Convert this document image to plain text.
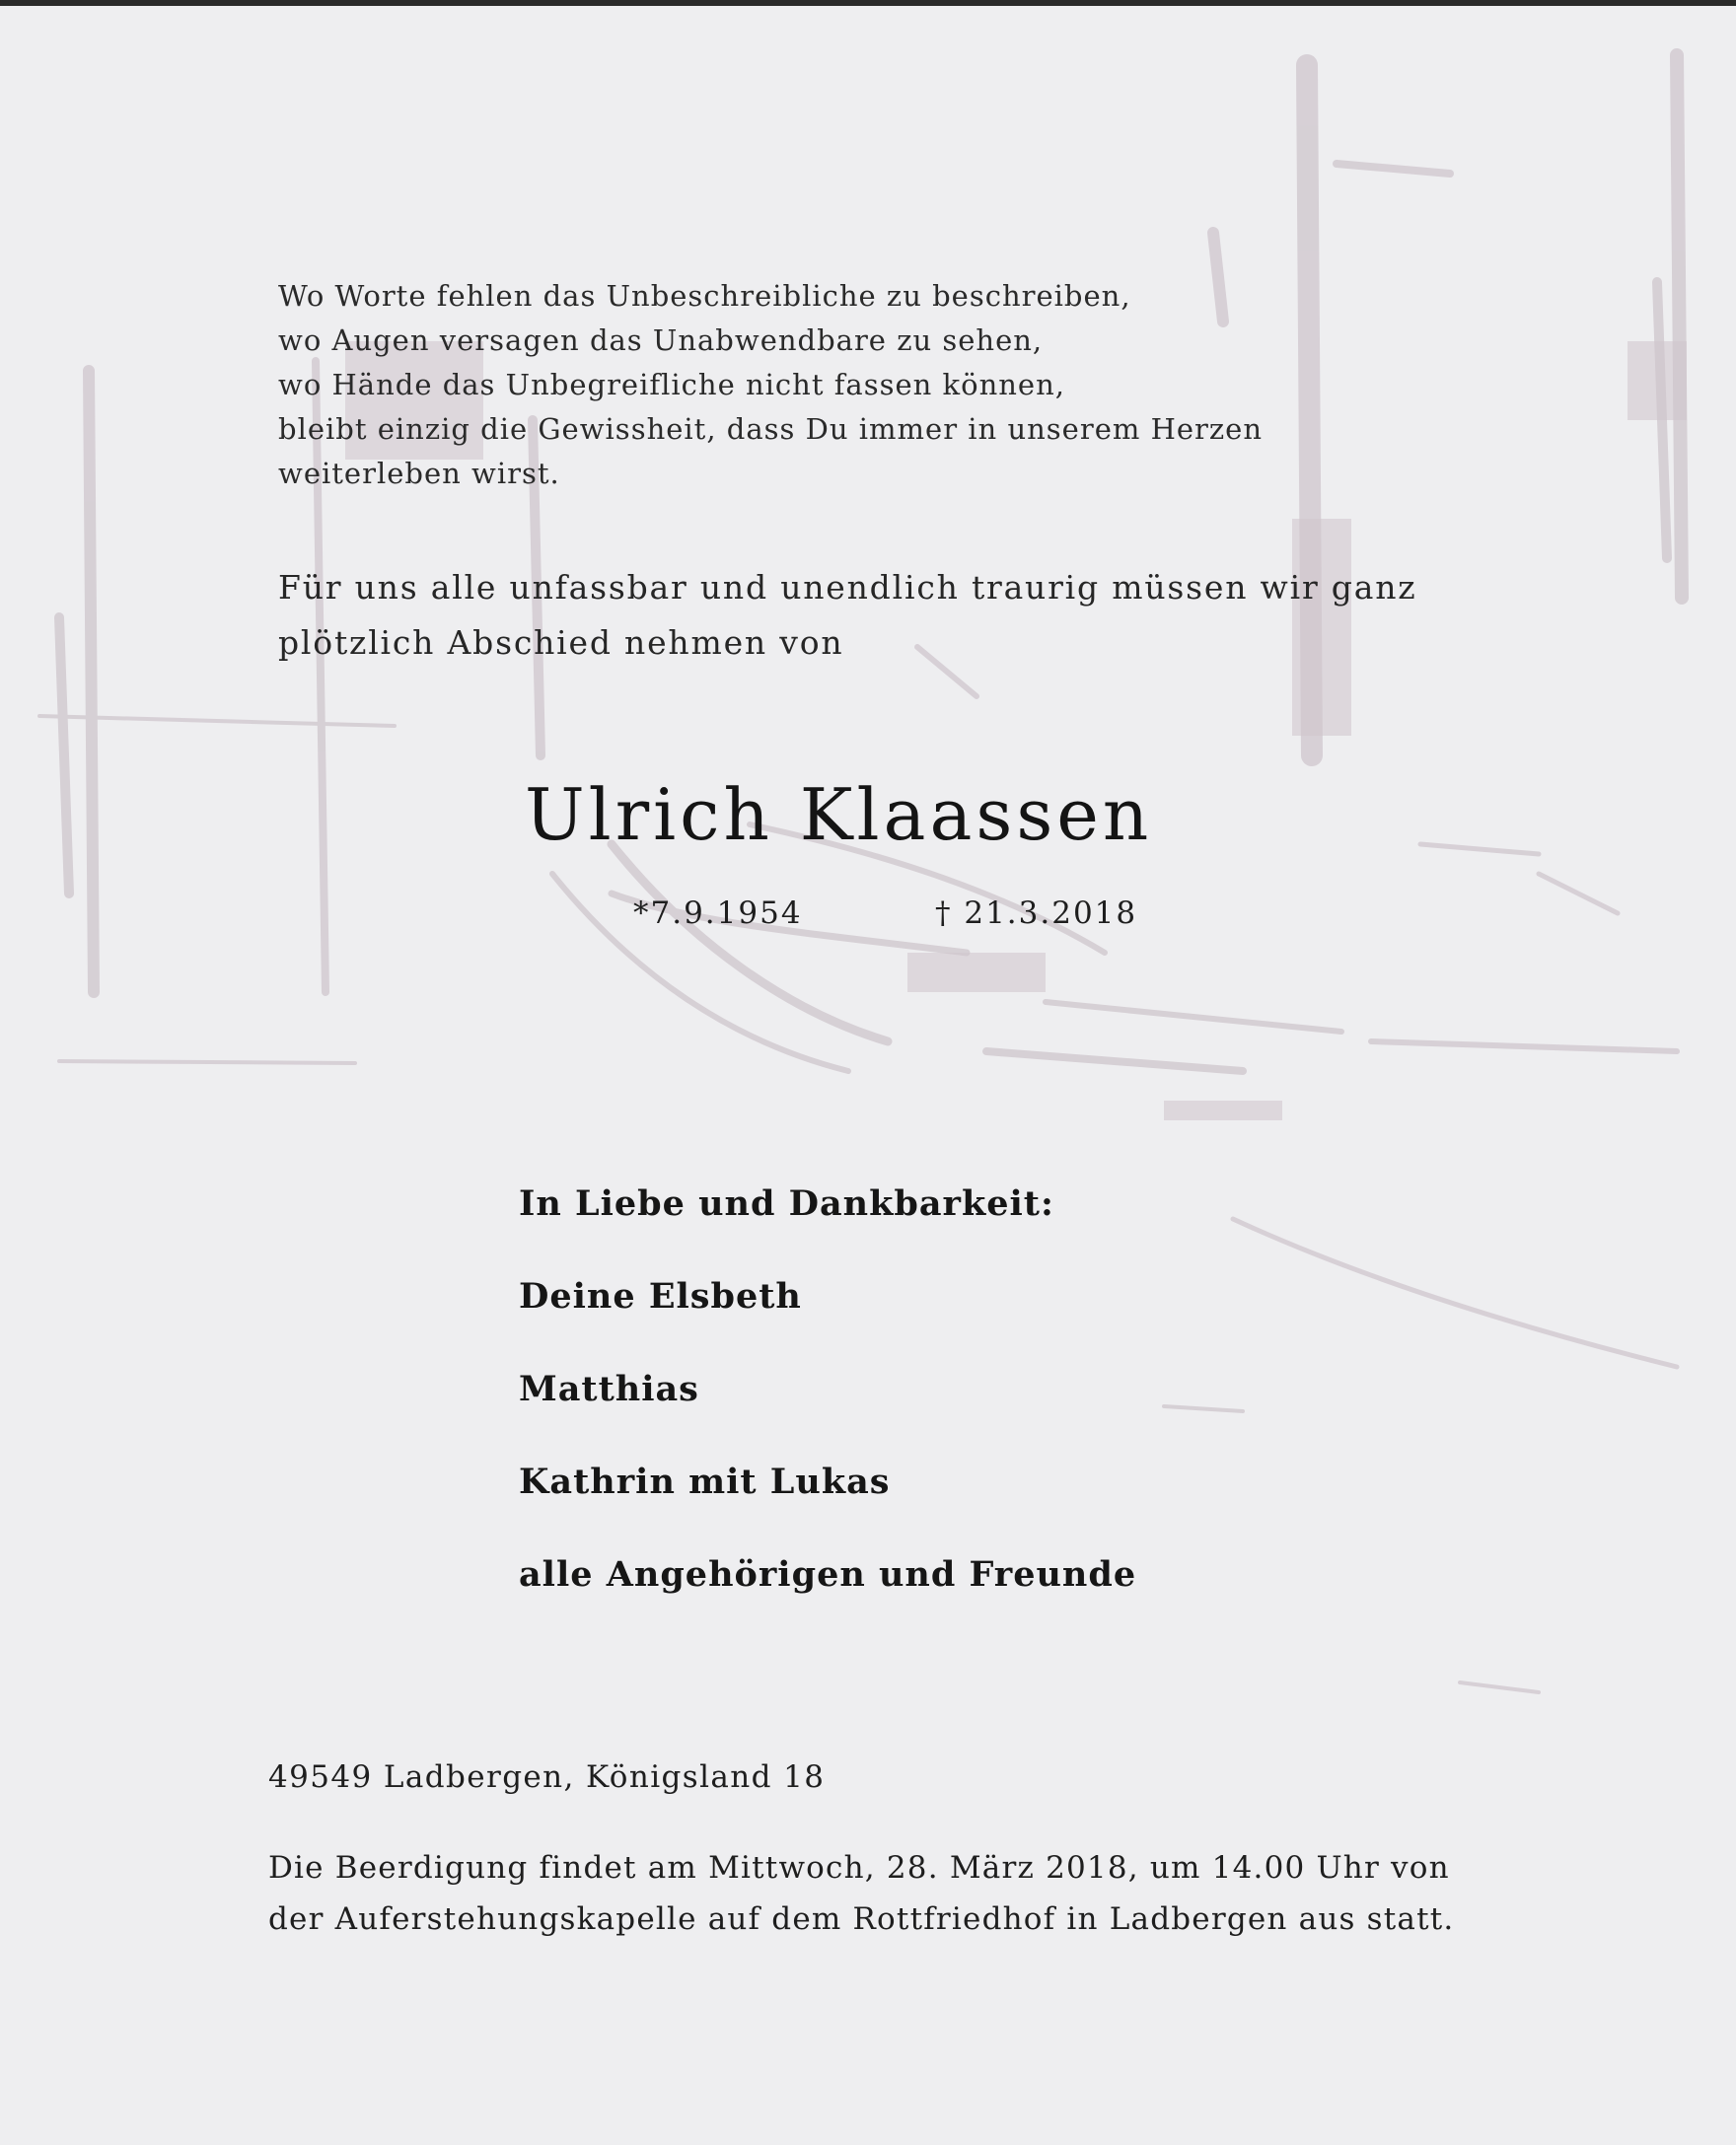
Wo Worte fehlen das Unbeschreibliche zu beschreiben,
wo Augen versagen das Unabwendbare zu sehen,
wo Hände das Unbegreifliche nicht fassen können,
bleibt einzig die Gewissheit, dass Du immer in unserem Herzen
weiterleben wirst.
Für uns alle unfassbar und unendlich traurig müssen wir ganz
plötzlich Abschied nehmen von
Ulrich Klaassen
*7.9.1954	† 21.3.2018
In Liebe und Dankbarkeit:
Deine Elsbeth
Matthias
Kathrin mit Lukas
alle Angehörigen und Freunde
49549 Ladbergen, Königsland 18
Die Beerdigung findet am Mittwoch, 28. März 2018, um 14.00 Uhr von
der Auferstehungskapelle auf dem Rottfriedhof in Ladbergen aus statt.
